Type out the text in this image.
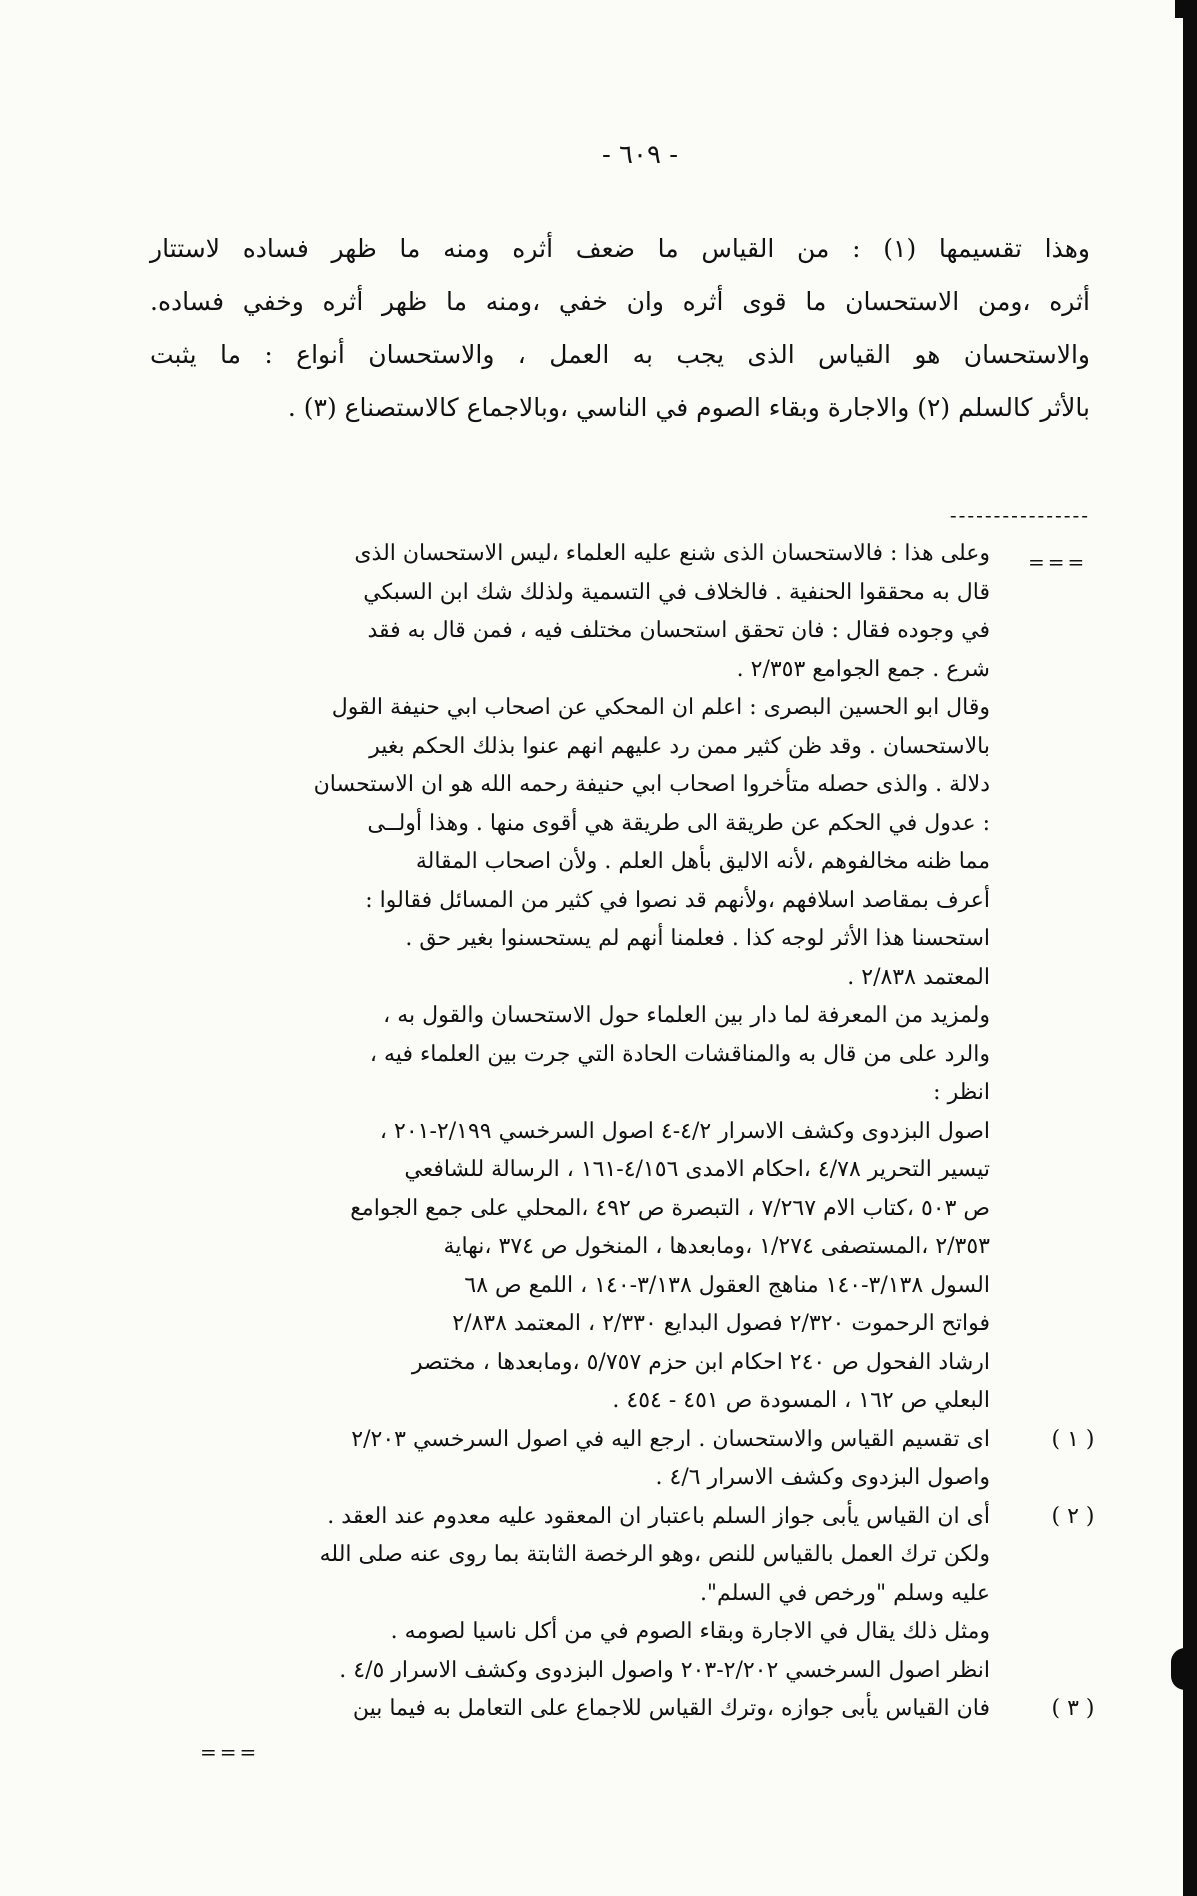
- ٦٠٩ -
وهذا تقسيمها (١) : من القياس ما ضعف أثره ومنه ما ظهر فساده لاستتار
أثره ،ومن الاستحسان ما قوى أثره وان خفي ،ومنه ما ظهر أثره وخفي فساده.
والاستحسان هو القياس الذى يجب به العمل ، والاستحسان أنواع : ما يثبت
بالأثر كالسلم (٢) والاجارة وبقاء الصوم في الناسي ،وبالاجماع كالاستصناع (٣) .
----------------
===
وعلى هذا : فالاستحسان الذى شنع عليه العلماء ،ليس الاستحسان الذى
قال به محققوا الحنفية . فالخلاف في التسمية ولذلك شك ابن السبكي
في وجوده فقال : فان تحقق استحسان مختلف فيه ، فمن قال به فقد
شرع . جمع الجوامع ٢/٣٥٣ .
وقال ابو الحسين البصرى : اعلم ان المحكي عن اصحاب ابي حنيفة القول
بالاستحسان . وقد ظن كثير ممن رد عليهم انهم عنوا بذلك الحكم بغير
دلالة . والذى حصله متأخروا اصحاب ابي حنيفة رحمه الله هو ان الاستحسان
: عدول في الحكم عن طريقة الى طريقة هي أقوى منها . وهذا أولــى
مما ظنه مخالفوهم ،لأنه الاليق بأهل العلم . ولأن اصحاب المقالة
أعرف بمقاصد اسلافهم ،ولأنهم قد نصوا في كثير من المسائل فقالوا :
استحسنا هذا الأثر لوجه كذا . فعلمنا أنهم لم يستحسنوا بغير حق .
المعتمد ٢/٨٣٨ .
ولمزيد من المعرفة لما دار بين العلماء حول الاستحسان والقول به ،
والرد على من قال به والمناقشات الحادة التي جرت بين العلماء فيه ،
انظر :
اصول البزدوى وكشف الاسرار ٤/٢-٤ اصول السرخسي ٢/١٩٩-٢٠١ ،
تيسير التحرير ٤/٧٨ ،احكام الامدى ٤/١٥٦-١٦١ ، الرسالة للشافعي
ص ٥٠٣ ،كتاب الام ٧/٢٦٧ ، التبصرة ص ٤٩٢ ،المحلي على جمع الجوامع
٢/٣٥٣ ،المستصفى ١/٢٧٤ ،ومابعدها ، المنخول ص ٣٧٤ ،نهاية
السول ٣/١٣٨-١٤٠ مناهج العقول ٣/١٣٨-١٤٠ ، اللمع ص ٦٨
فواتح الرحموت ٢/٣٢٠ فصول البدايع ٢/٣٣٠ ، المعتمد ٢/٨٣٨
ارشاد الفحول ص ٢٤٠ احكام ابن حزم ٥/٧٥٧ ،ومابعدها ، مختصر
البعلي ص ١٦٢ ، المسودة ص ٤٥١ - ٤٥٤ .
( ١ )
اى تقسيم القياس والاستحسان . ارجع اليه في اصول السرخسي ٢/٢٠٣
واصول البزدوى وكشف الاسرار ٤/٦ .
( ٢ )
أى ان القياس يأبى جواز السلم باعتبار ان المعقود عليه معدوم عند العقد .
ولكن ترك العمل بالقياس للنص ،وهو الرخصة الثابتة بما روى عنه صلى الله
عليه وسلم "ورخص في السلم".
ومثل ذلك يقال في الاجارة وبقاء الصوم في من أكل ناسيا لصومه .
انظر اصول السرخسي ٢/٢٠٢-٢٠٣ واصول البزدوى وكشف الاسرار ٤/٥ .
( ٣ )
فان القياس يأبى جوازه ،وترك القياس للاجماع على التعامل به فيما بين
===
